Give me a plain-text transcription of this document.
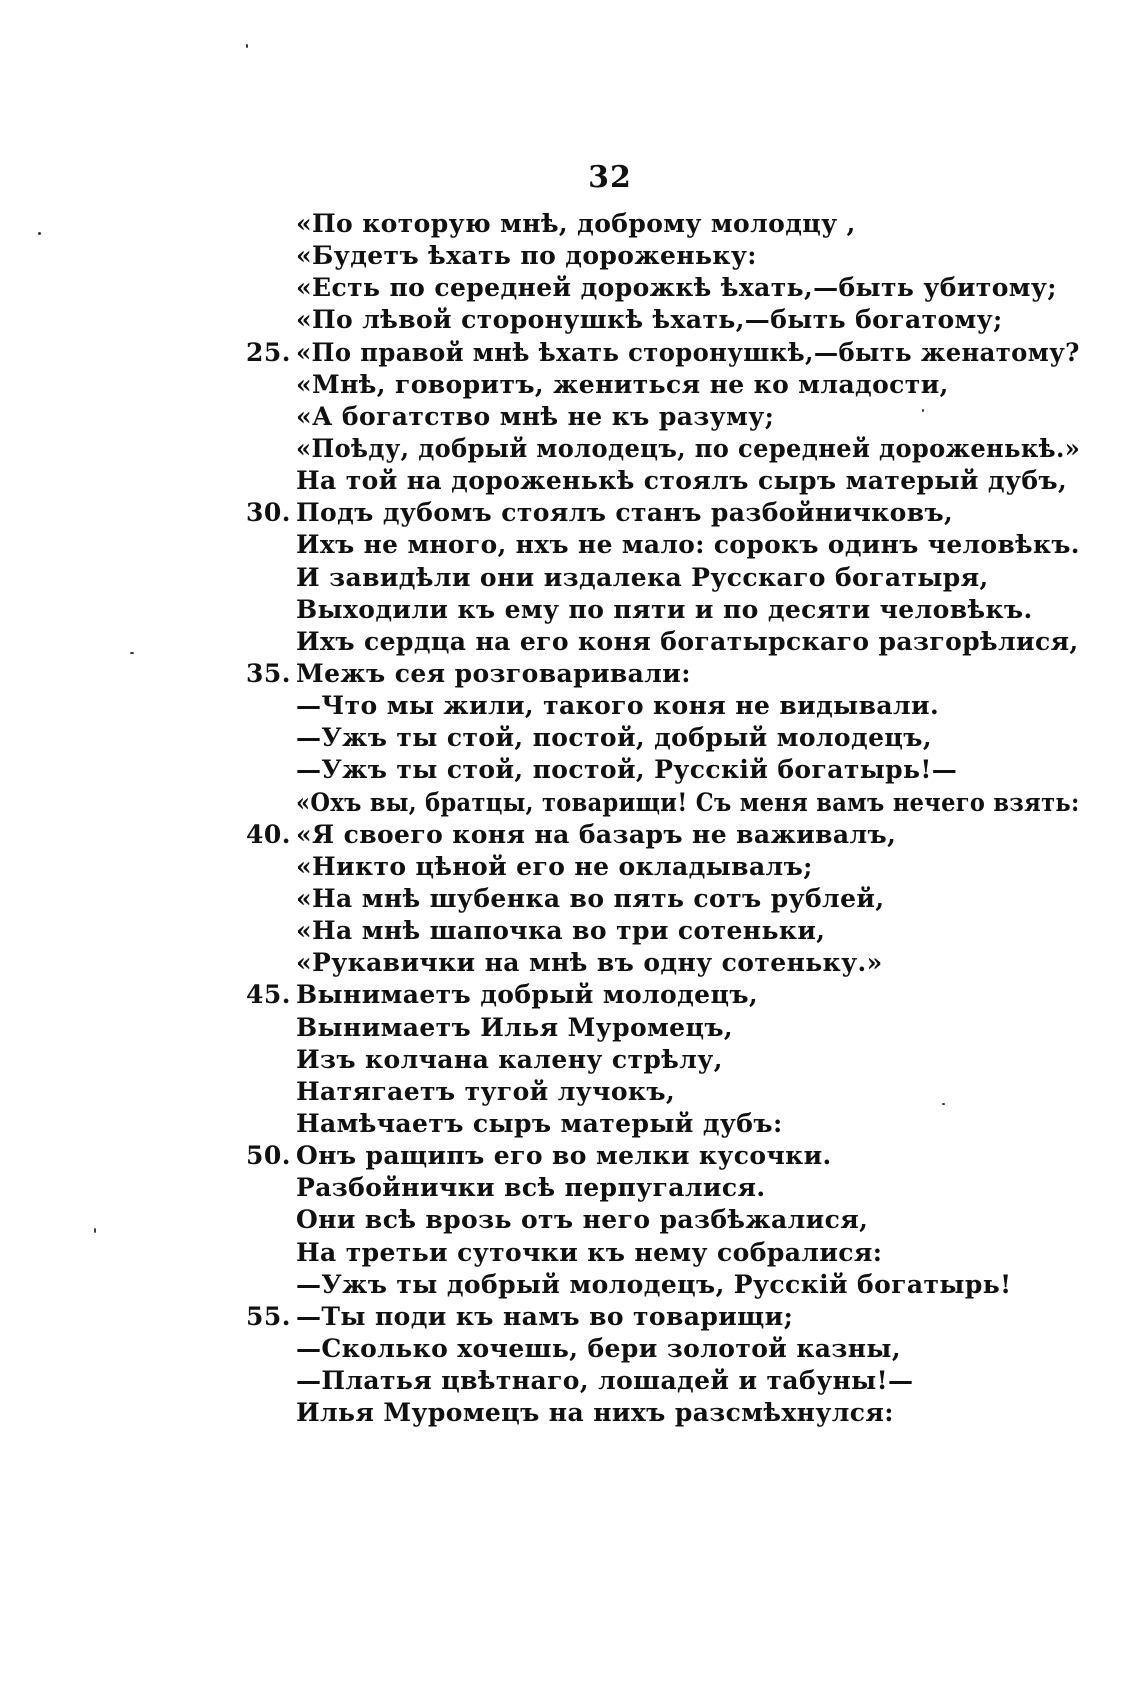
32
«По которую мнѣ, доброму молодцу ,
«Будетъ ѣхать по дороженьку:
«Есть по середней дорожкѣ ѣхать,—быть убитому;
«По лѣвой сторонушкѣ ѣхать,—быть богатому;
25. «По правой мнѣ ѣхать сторонушкѣ,—быть женатому?
«Мнѣ, говоритъ, жениться не ко младости,
«А богатство мнѣ не къ разуму;
«Поѣду, добрый молодецъ, по середней дороженькѣ.»
На той на дороженькѣ стоялъ сыръ матерый дубъ,
30. Подъ дубомъ стоялъ станъ разбойничковъ,
Ихъ не много, нхъ не мало: сорокъ одинъ человѣкъ.
И завидѣли они издалека Русскаго богатыря,
Выходили къ ему по пяти и по десяти человѣкъ.
Ихъ сердца на его коня богатырскаго разгорѣлися,
35. Межъ сея розговаривали:
—Что мы жили, такого коня не видывали.
—Ужъ ты стой, постой, добрый молодецъ,
—Ужъ ты стой, постой, Русскій богатырь!—
«Охъ вы, братцы, товарищи! Съ меня вамъ нечего взять:
40. «Я своего коня на базаръ не важивалъ,
«Никто цѣной его не окладывалъ;
«На мнѣ шубенка во пять сотъ рублей,
«На мнѣ шапочка во три сотеньки,
«Рукавички на мнѣ въ одну сотеньку.»
45. Вынимаетъ добрый молодецъ,
Вынимаетъ Илья Муромецъ,
Изъ колчана калену стрѣлу,
Натягаетъ тугой лучокъ,
Намѣчаетъ сыръ матерый дубъ:
50. Онъ ращипъ его во мелки кусочки.
Разбойнички всѣ перпугалися.
Они всѣ врозь отъ него разбѣжалися,
На третьи суточки къ нему собралися:
—Ужъ ты добрый молодецъ, Русскій богатырь!
55. —Ты поди къ намъ во товарищи;
—Сколько хочешь, бери золотой казны,
—Платья цвѣтнаго, лошадей и табуны!—
Илья Муромецъ на нихъ разсмѣхнулся:
